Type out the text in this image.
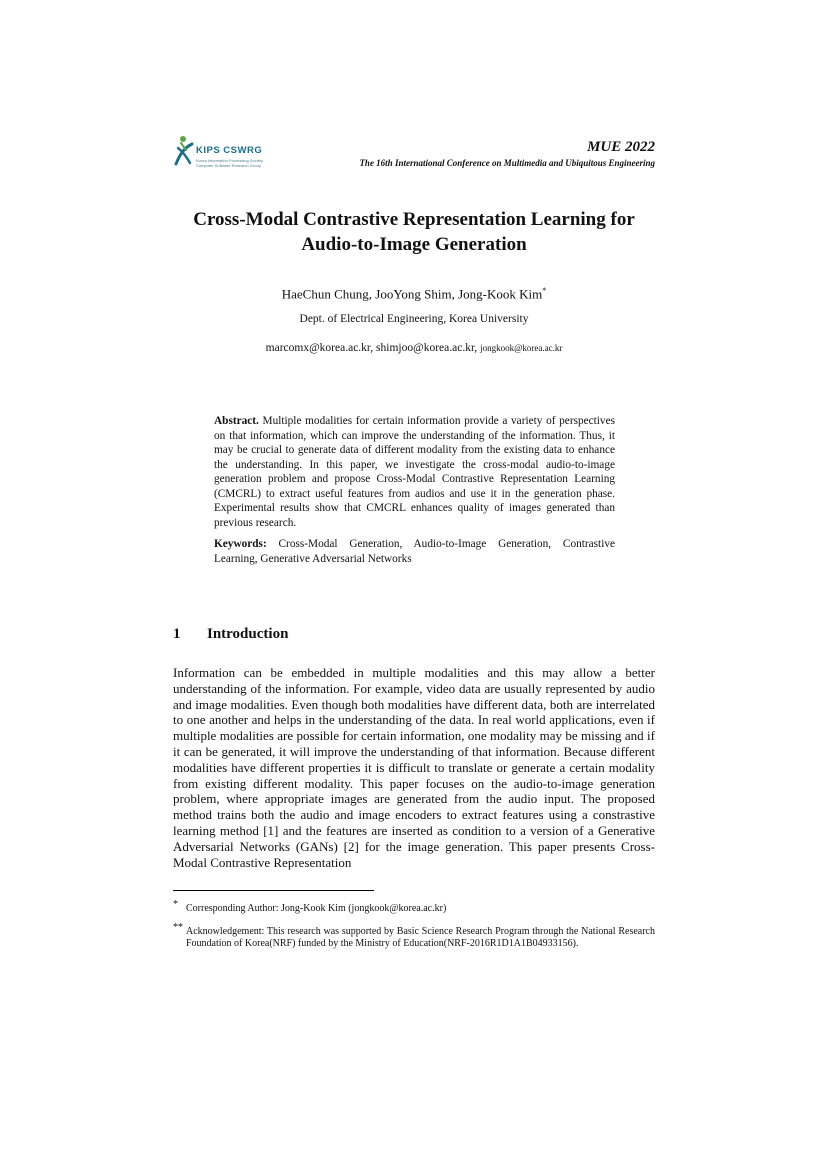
KIPS CSWRG
Korea Information Processing Society
Computer Software Research Group
MUE 2022
The 16th International Conference on Multimedia and Ubiquitous Engineering
Cross-Modal Contrastive Representation Learning for
Audio-to-Image Generation
HaeChun Chung, JooYong Shim, Jong-Kook Kim*
Dept. of Electrical Engineering, Korea University
marcomx@korea.ac.kr, shimjoo@korea.ac.kr, jongkook@korea.ac.kr
Abstract. Multiple modalities for certain information provide a variety of perspectives on that information, which can improve the understanding of the information. Thus, it may be crucial to generate data of different modality from the existing data to enhance the understanding. In this paper, we investigate the cross-modal audio-to-image generation problem and propose Cross-Modal Contrastive Representation Learning (CMCRL) to extract useful features from audios and use it in the generation phase. Experimental results show that CMCRL enhances quality of images generated than previous research.
Keywords: Cross-Modal Generation, Audio-to-Image Generation, Contrastive Learning, Generative Adversarial Networks
1 Introduction
Information can be embedded in multiple modalities and this may allow a better understanding of the information. For example, video data are usually represented by audio and image modalities. Even though both modalities have different data, both are interrelated to one another and helps in the understanding of the data. In real world applications, even if multiple modalities are possible for certain information, one modality may be missing and if it can be generated, it will improve the understanding of that information. Because different modalities have different properties it is difficult to translate or generate a certain modality from existing different modality. This paper focuses on the audio-to-image generation problem, where appropriate images are generated from the audio input. The proposed method trains both the audio and image encoders to extract features using a constrastive learning method [1] and the features are inserted as condition to a version of a Generative Adversarial Networks (GANs) [2] for the image generation. This paper presents Cross-Modal Contrastive Representation
* Corresponding Author: Jong-Kook Kim (jongkook@korea.ac.kr)
** Acknowledgement: This research was supported by Basic Science Research Program through the National Research Foundation of Korea(NRF) funded by the Ministry of Education(NRF-2016R1D1A1B04933156).
